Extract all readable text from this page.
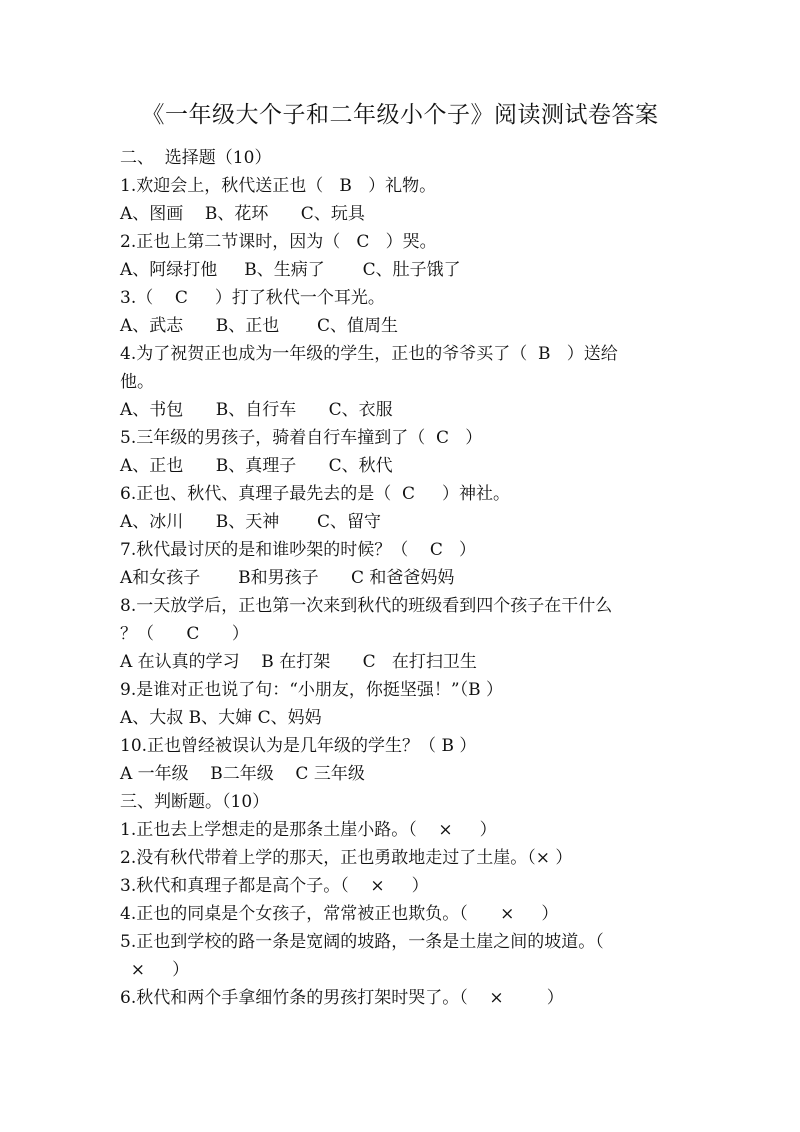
《一年级大个子和二年级小个子》阅读测试卷答案
二、  选择题（10）
1.欢迎会上，秋代送正也（   B   ）礼物。
A、图画    B、花环      C、玩具
2.正也上第二节课时，因为（   C   ）哭。
A、阿绿打他     B、生病了       C、肚子饿了
3.（    C     ）打了秋代一个耳光。
A、武志      B、正也       C、值周生
4.为了祝贺正也成为一年级的学生，正也的爷爷买了（  B   ）送给
他。
A、书包      B、自行车      C、衣服
5.三年级的男孩子，骑着自行车撞到了（  C   ）
A、正也      B、真理子      C、秋代
6.正也、秋代、真理子最先去的是（  C     ）神社。
A、冰川      B、天神       C、留守
7.秋代最讨厌的是和谁吵架的时候？（    C   ）
A和女孩子       B和男孩子      C 和爸爸妈妈
8.一天放学后，正也第一次来到秋代的班级看到四个孩子在干什么
？（      C      ）
A 在认真的学习    B 在打架      C   在打扫卫生
9.是谁对正也说了句：“小朋友，你挺坚强！”（B ）
A、大叔 B、大婶 C、妈妈
10.正也曾经被误认为是几年级的学生？（ B ）
A 一年级    B二年级    C 三年级
三、判断题。（10）
1.正也去上学想走的是那条土崖小路。（    ×     ）
2.没有秋代带着上学的那天，正也勇敢地走过了土崖。（× ）
3.秋代和真理子都是高个子。（    ×     ）
4.正也的同桌是个女孩子，常常被正也欺负。（      ×     ）
5.正也到学校的路一条是宽阔的坡路，一条是土崖之间的坡道。（
×     ）
6.秋代和两个手拿细竹条的男孩打架时哭了。（    ×        ）
